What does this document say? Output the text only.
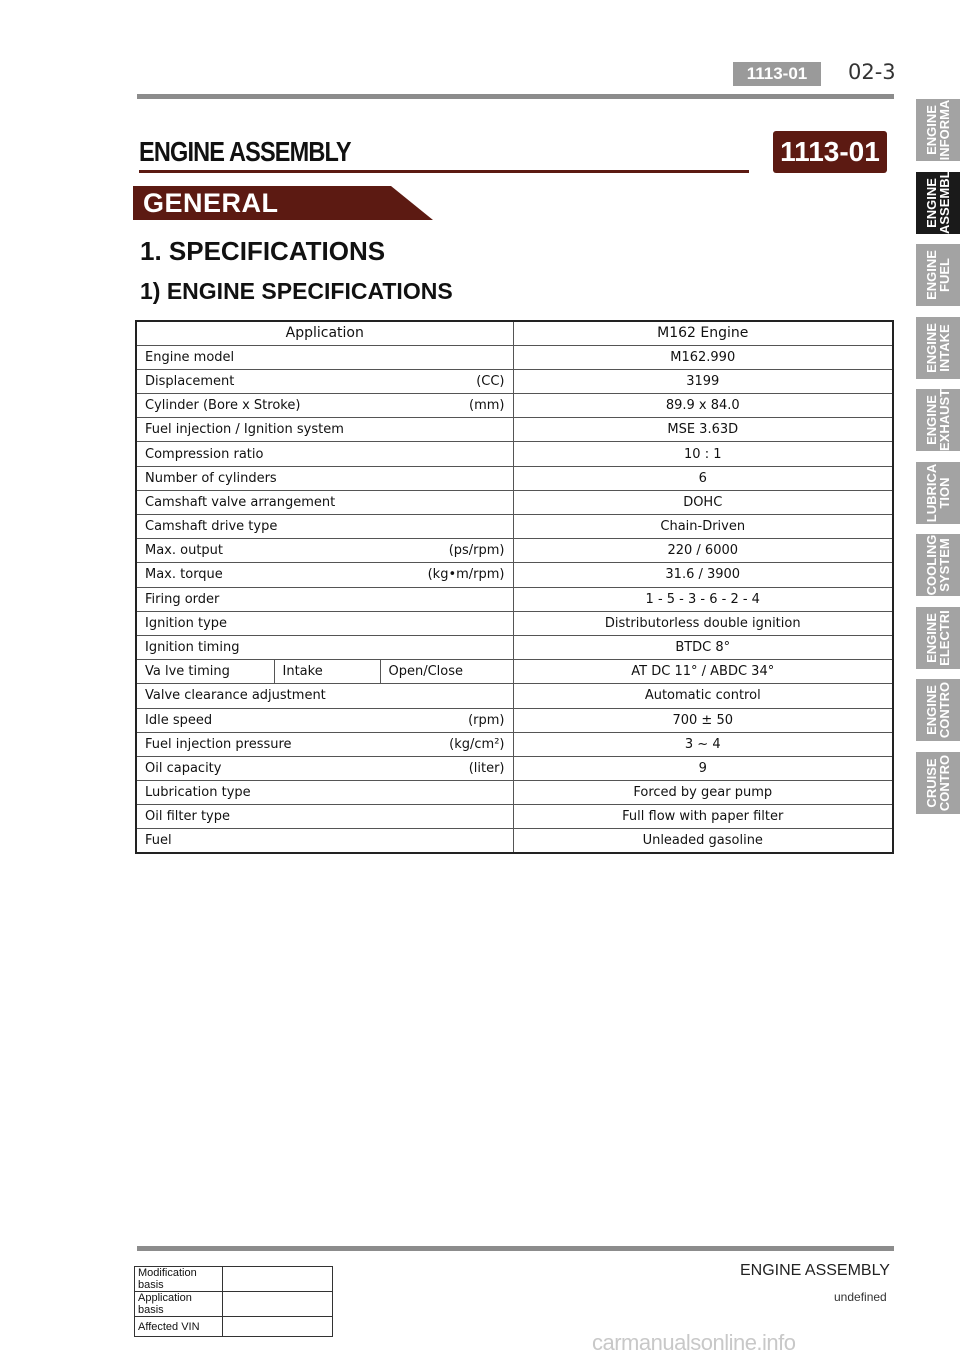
1113-01	02-3
ENGINE ASSEMBLY	1113-01
GENERAL
1. SPECIFICATIONS
1) ENGINE SPECIFICATIONS
Application			M162 Engine

Engine model			M162.990

Displacement (CC)			3199

Cylinder (Bore x Stroke) (mm)			89.9 x 84.0

Fuel injection / Ignition system			MSE 3.63D

Compression ratio			10 : 1

Number of cylinders			6

Camshaft valve arrangement			DOHC

Camshaft drive type			Chain-Driven

Max. output (ps/rpm)			220 / 6000

Max. torque (kg•m/rpm)			31.6 / 3900

Firing order			1 - 5 - 3 - 6 - 2 - 4

Ignition type			Distributorless double ignition

Ignition timing			BTDC 8°
Va lve timing	Intake	Open/Close	AT DC 11° / ABDC 34°

Valve clearance adjustment			Automatic control

Idle speed (rpm)			700 ± 50

Fuel injection pressure (kg/cm²)			3 ~ 4

Oil capacity (liter)			9

Lubrication type			Forced by gear pump

Oil filter type			Full flow with paper filter

Fuel			Unleaded gasoline
ENGINE
INFORMA
ENGINE
ASSEMBL
ENGINE
FUEL
ENGINE
INTAKE
ENGINE
EXHAUST
LUBRICA
TION
COOLING
SYSTEM
ENGINE
ELECTRI
ENGINE
CONTRO
CRUISE
CONTRO
ENGINE ASSEMBLY
undefined
Modification basis	
Application basis	
Affected VIN	
carmanualsonline.info
